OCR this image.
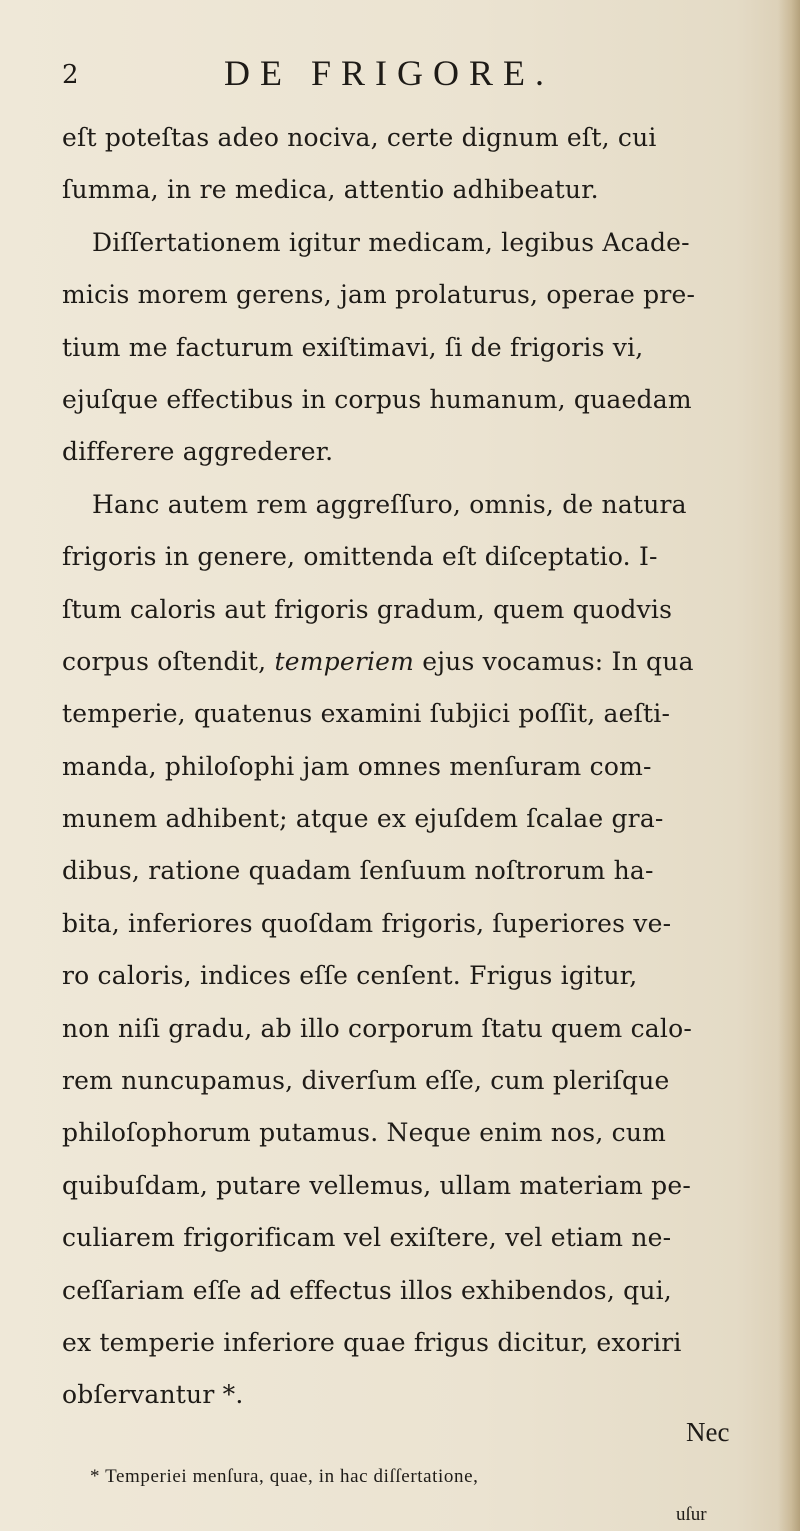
2	DE FRIGORE.
eſt poteſtas adeo nociva, certe dignum eſt, cui
ſumma, in re medica, attentio adhibeatur.
Diſſertationem igitur medicam, legibus Acade-
micis morem gerens, jam prolaturus, operae pre-
tium me facturum exiſtimavi, ſi de frigoris vi,
ejuſque effectibus in corpus humanum, quaedam
differere aggrederer.
Hanc autem rem aggreſſuro, omnis, de natura
frigoris in genere, omittenda eſt diſceptatio. I-
ſtum caloris aut frigoris gradum, quem quodvis
corpus oſtendit, temperiem ejus vocamus: In qua
temperie, quatenus examini ſubjici poſſit, aeſti-
manda, philoſophi jam omnes menſuram com-
munem adhibent; atque ex ejuſdem ſcalae gra-
dibus, ratione quadam ſenſuum noſtrorum ha-
bita, inferiores quoſdam frigoris, ſuperiores ve-
ro caloris, indices eſſe cenſent. Frigus igitur,
non niſi gradu, ab illo corporum ſtatu quem calo-
rem nuncupamus, diverſum eſſe, cum pleriſque
philoſophorum putamus. Neque enim nos, cum
quibuſdam, putare vellemus, ullam materiam pe-
culiarem frigorificam vel exiſtere, vel etiam ne-
ceſſariam eſſe ad effectus illos exhibendos, qui,
ex temperie inferiore quae frigus dicitur, exoriri
obſervantur *.
Nec
* Temperiei menſura, quae, in hac diſſertatione,
uſur
